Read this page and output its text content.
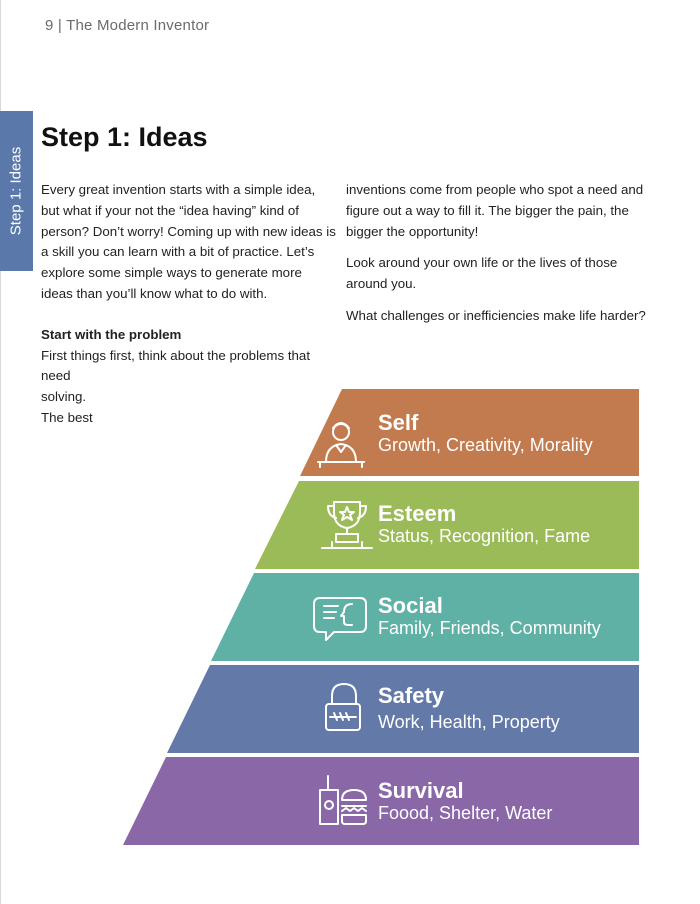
9 | The Modern Inventor
Step 1: Ideas
Step 1: Ideas

Every great invention starts with a simple idea, but what if your not the “idea having” kind of person? Don’t worry! Coming up with new ideas is a skill you can learn with a bit of practice. Let’s explore some simple ways to generate more ideas than you’ll know what to do with.

Start with the problem

First things first, think about the problems that

need

solving.

The best

inventions come from people who spot a need and figure out a way to fill it. The bigger the pain, the bigger the opportunity!

Look around your own life or the lives of those around you.

What challenges or inefficiencies make life harder?

Self
Growth, Creativity, Morality
Esteem
Status, Recognition, Fame
Social
Family, Friends, Community
Safety
Work, Health, Property
Survival
Foood, Shelter, Water
